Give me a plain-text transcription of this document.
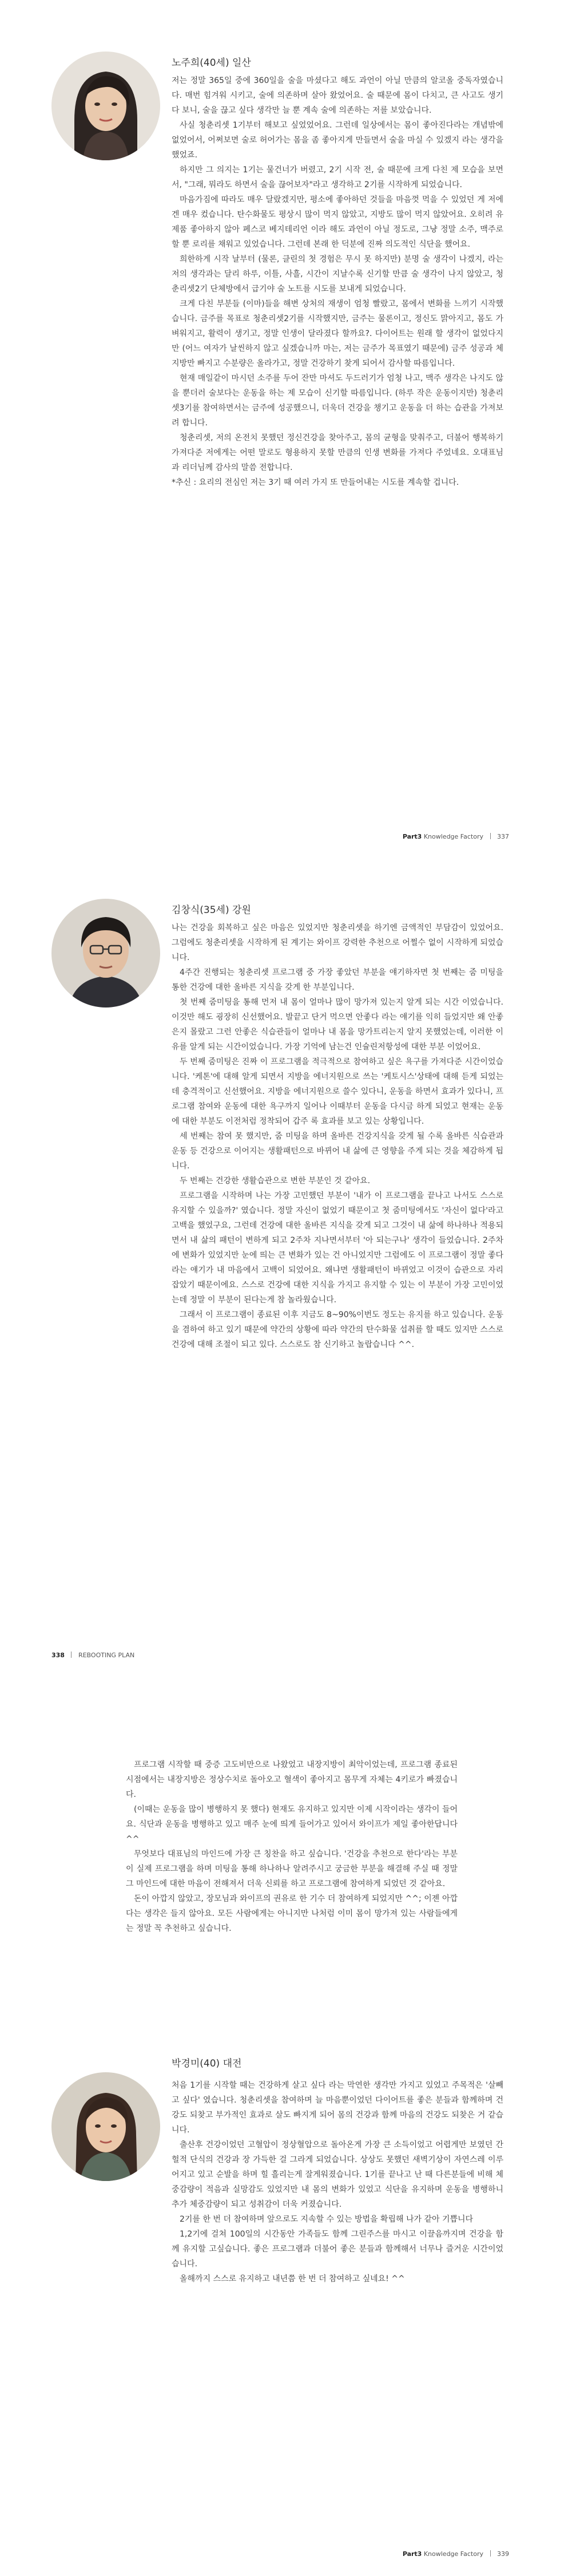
노주희(40세) 일산

저는 정말 365일 중에 360일을 술을 마셨다고 해도 과언이 아닐 만큼의 알코올 중독자였습니다. 매번 힘겨워 시키고, 술에 의존하며 살아 왔었어요. 술 때문에 몸이 다치고, 큰 사고도 생기다 보니, 술을 끊고 싶다 생각만 늘 뿐 계속 술에 의존하는 저를 보았습니다.

사실 청춘리셋 1기부터 해보고 싶었었어요. 그런데 일상에서는 몸이 좋아진다라는 개념밖에 없었어서, 어쩌보면 술로 허어가는 몸을 좀 좋아지게 만들면서 술을 마실 수 있겠지 라는 생각을 했었죠.

하지만 그 의지는 1기는 물건너가 버렸고, 2기 시작 전, 술 때문에 크게 다친 제 모습을 보면서, "그래, 뭐라도 하면서 술을 끊어보자"라고 생각하고 2기를 시작하게 되었습니다.

마음가짐에 따라도 매우 달랐겠지만, 평소에 좋아하던 것들을 마음껏 먹을 수 있었던 게 저에겐 매우 컸습니다. 탄수화물도 평상시 많이 먹지 않았고, 지방도 많이 먹지 않았어요. 오히려 유제품 좋아하지 않아 페스코 베지테리언 이라 해도 과언이 아닐 정도로, 그냥 정말 소주, 맥주로 할 뿐 로리를 채워고 있었습니다. 그런데 본래 한 덕분에 진짜 의도적인 식단을 했어요.

희한하게 시작 날부터 (물론, 클린의 첫 경험은 무시 못 하지만) 분명 술 생각이 나겠지, 라는 저의 생각과는 달리 하루, 이틀, 사흘, 시간이 지날수록 신기할 만큼 술 생각이 나지 않았고, 청춘리셋2기 단체방에서 급기야 술 노트를 시도를 보내게 되었습니다.

크게 다친 부분들 (이마)들을 해변 상처의 재생이 엄청 빨랐고, 몸에서 변화를 느끼기 시작했습니다. 금주를 목표로 청춘리셋2기를 시작했지만, 금주는 물론이고, 정신도 맑아지고, 몸도 가벼워지고, 활력이 생기고, 정말 인생이 달라졌다 할까요?. 다이어트는 원래 할 생각이 없었다지만 (어느 여자가 날씬하지 않고 싶겠습니까 마는, 저는 금주가 목표였기 때문에) 금주 성공과 체지방만 빠지고 수분량은 올라가고, 정말 건강하기 찾게 되어서 감사할 따름입니다.

현재 매일같이 마시던 소주를 두어 잔만 마셔도 두드러기가 엄청 나고, 맥주 생각은 나지도 않을 뿐더러 술보다는 운동을 하는 제 모습이 신기할 따름입니다. (하루 작은 운동이지만) 청춘리셋3기를 참여하면서는 금주에 성공했으니, 더욱더 건강을 챙기고 운동을 더 하는 습관을 가져보려 합니다.

청춘리셋, 저의 온전치 못했던 정신건강을 찾아주고, 몸의 균형을 맞춰주고, 더불어 행복하기 가져다준 저에게는 어떤 말로도 형용하지 못할 만큼의 인생 변화를 가져다 주었네요. 오대표님과 리더님께 감사의 말씀 전합니다.

*추신 : 요리의 전심인 저는 3기 때 여러 가지 또 만들어내는 시도를 계속할 겁니다.

Part3 Knowledge Factory 337
김창식(35세) 강원

나는 건강을 회복하고 싶은 마음은 있었지만 청춘리셋을 하기엔 금액적인 부담감이 있었어요. 그럼에도 청춘리셋을 시작하게 된 계기는 와이프 강력한 추천으로 어쩔수 없이 시작하게 되었습니다.

4주간 진행되는 청춘리셋 프로그램 중 가장 좋았던 부분을 얘기하자면 첫 번째는 줌 미팅을 통한 건강에 대한 올바른 지식을 갖게 한 부분입니다.

첫 번째 줌미팅을 통해 먼저 내 몸이 얼마나 많이 망가져 있는지 알게 되는 시간 이었습니다. 이것만 해도 굉장히 신선했어요. 발끝고 단거 먹으면 안좋다 라는 얘기를 익히 들었지만 왜 안좋은지 몰랐고 그런 안좋은 식습관들이 얼마나 내 몸을 망가트리는지 알지 못했었는데, 이러한 이유를 알게 되는 시간이었습니다. 가장 기억에 남는건 인슐린저항성에 대한 부분 이었어요.

두 번째 줌미팅은 진짜 이 프로그램을 적극적으로 참여하고 싶은 욕구를 가져다준 시간이었습니다. '케톤'에 대해 알게 되면서 지방을 에너지원으로 쓰는 '케토시스'상태에 대해 듣게 되었는데 충격적이고 신선했어요. 지방을 에너지원으로 쓸수 있다니, 운동을 하면서 효과가 있다니, 프로그램 참여와 운동에 대한 욕구까지 일어나 이때부터 운동을 다시금 하게 되었고 현재는 운동에 대한 부분도 이전처럼 정착되어 갑주 록 효과를 보고 있는 상황입니다.

세 번째는 참여 못 했지만, 줌 미팅을 하며 올바른 건강지식을 갖게 될 수록 올바른 식습관과 운동 등 건강으로 이어지는 생활패턴으로 바뀌어 내 삶에 큰 영향을 주게 되는 것을 체감하게 됩니다.

두 번째는 건강한 생활습관으로 변한 부분인 것 같아요.

프로그램을 시작하며 나는 가장 고민했던 부분이 '내가 이 프로그램을 끝나고 나서도 스스로 유지할 수 있을까?' 였습니다. 정말 자신이 없었기 때문이고 첫 줌미팅에서도 '자신이 없다'라고 고백을 했었구요, 그런데 건강에 대한 올바른 지식을 갖게 되고 그것이 내 삶에 하나하나 적용되면서 내 삶의 패턴이 변하게 되고 2주차 지나면서부터 '아 되는구나' 생각이 들었습니다. 2주차에 변화가 있었지만 눈에 띄는 큰 변화가 있는 건 아니었지만 그럼에도 이 프로그램이 정말 좋다 라는 얘기가 내 마음에서 고백이 되었어요. 왜냐면 생활패턴이 바뀌었고 이것이 습관으로 자리잡았기 때문이에요. 스스로 건강에 대한 지식을 가지고 유지할 수 있는 이 부분이 가장 고민이었는데 정말 이 부분이 된다는게 참 놀라웠습니다.

그래서 이 프로그램이 종료된 이후 지금도 8~90%이번도 정도는 유지를 하고 있습니다. 운동을 겸하여 하고 있기 때문에 약간의 상황에 따라 약간의 탄수화물 섭취를 할 때도 있지만 스스로 건강에 대해 조절이 되고 있다. 스스로도 참 신기하고 놀랍습니다 ^^.

338 REBOOTING PLAN

프로그램 시작할 때 중증 고도비만으로 나왔었고 내장지방이 최악이었는데, 프로그램 종료된 시점에서는 내장지방은 정상수치로 돌아오고 혈색이 좋아지고 몸무게 자체는 4키로가 빠졌습니다.

(이때는 운동을 많이 병행하지 못 했다) 현재도 유지하고 있지만 이제 시작이라는 생각이 들어요. 식단과 운동을 병행하고 있고 매주 눈에 띄게 들어가고 있어서 와이프가 제일 좋아한답니다^^

무엇보다 대표님의 마인드에 가장 큰 칭찬을 하고 싶습니다. '건강을 추천으로 한다'라는 부분이 실제 프로그램을 하며 미팅을 통해 하나하나 알려주시고 궁금한 부분을 해결해 주실 때 정말 그 마인드에 대한 마음이 전해져서 더욱 신뢰를 하고 프로그램에 참여하게 되었던 것 같아요.

돈이 아깝지 않았고, 장모님과 와이프의 권유로 한 기수 더 참여하게 되었지만 ^^; 이젠 아깝다는 생각은 들지 않아요. 모든 사람에게는 아니지만 나처럼 이미 몸이 망가져 있는 사람들에게는 정말 꼭 추천하고 싶습니다.

박경미(40) 대전

처음 1기를 시작할 때는 건강하게 살고 싶다 라는 막연한 생각만 가지고 있었고 주목적은 '살빼고 싶다' 였습니다. 청춘리셋을 참여하며 늘 마음뿐이었던 다이어트를 좋은 분들과 함께하며 건강도 되찾고 부가적인 효과로 살도 빠지게 되어 몸의 건강과 함께 마음의 건강도 되찾은 거 같습니다.

출산후 건강이었던 고혈압이 정상혈압으로 돌아온게 가장 큰 소득이었고 어렵게만 보였던 간헐적 단식의 건강과 장 가득한 걸 그라게 되었습니다. 상상도 못했던 새벽기상이 자연스레 이루어지고 있고 순발을 하며 힐 흘리는게 잘게워졌습니다. 1기를 끝나고 난 때 다른분들에 비해 체중감량이 적음과 실망감도 있었지만 내 몸의 변화가 있었고 식단을 유지하며 운동을 병행하니 추가 체중감량이 되고 성취감이 더욱 커졌습니다.

2기를 한 번 더 참여하며 앞으로도 지속할 수 있는 방법을 확립해 나가 같아 기쁩니다

1,2기에 걸쳐 100일의 시간동안 가족들도 함께 그린주스를 마시고 이끌음까지며 건강을 함께 유지할 고싶습니다. 좋은 프로그램과 더불어 좋은 분들과 함께해서 너무나 즐거운 시간이었습니다.

올해까지 스스로 유지하고 내년쯤 한 번 더 참여하고 싶네요! ^^

Part3 Knowledge Factory 339
